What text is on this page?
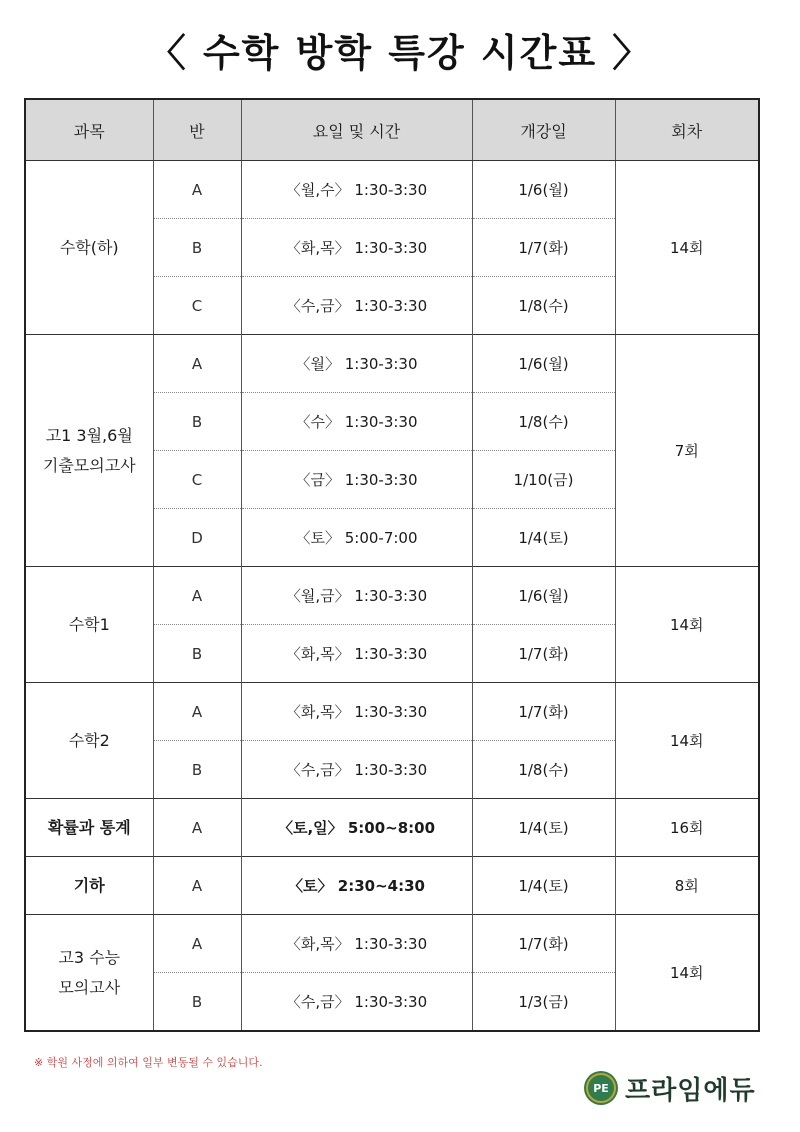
〈 수학 방학 특강 시간표 〉
과목	반	요일 및 시간	개강일	회차
수학(하)	A	〈월,수〉 1:30-3:30	1/6(월)	14회
	B	〈화,목〉 1:30-3:30	1/7(화)	
	C	〈수,금〉 1:30-3:30	1/8(수)	
고1 3월,6월
기출모의고사	A	〈월〉 1:30-3:30	1/6(월)	7회
	B	〈수〉 1:30-3:30	1/8(수)	
	C	〈금〉 1:30-3:30	1/10(금)	
	D	〈토〉 5:00-7:00	1/4(토)	
수학1	A	〈월,금〉 1:30-3:30	1/6(월)	14회
	B	〈화,목〉 1:30-3:30	1/7(화)	
수학2	A	〈화,목〉 1:30-3:30	1/7(화)	14회
	B	〈수,금〉 1:30-3:30	1/8(수)	
확률과 통계	A	〈토,일〉 5:00~8:00	1/4(토)	16회
기하	A	〈토〉 2:30~4:30	1/4(토)	8회
고3 수능
모의고사	A	〈화,목〉 1:30-3:30	1/7(화)	14회
	B	〈수,금〉 1:30-3:30	1/3(금)	
※ 학원 사정에 의하여 일부 변동될 수 있습니다.
PE 프라임에듀
